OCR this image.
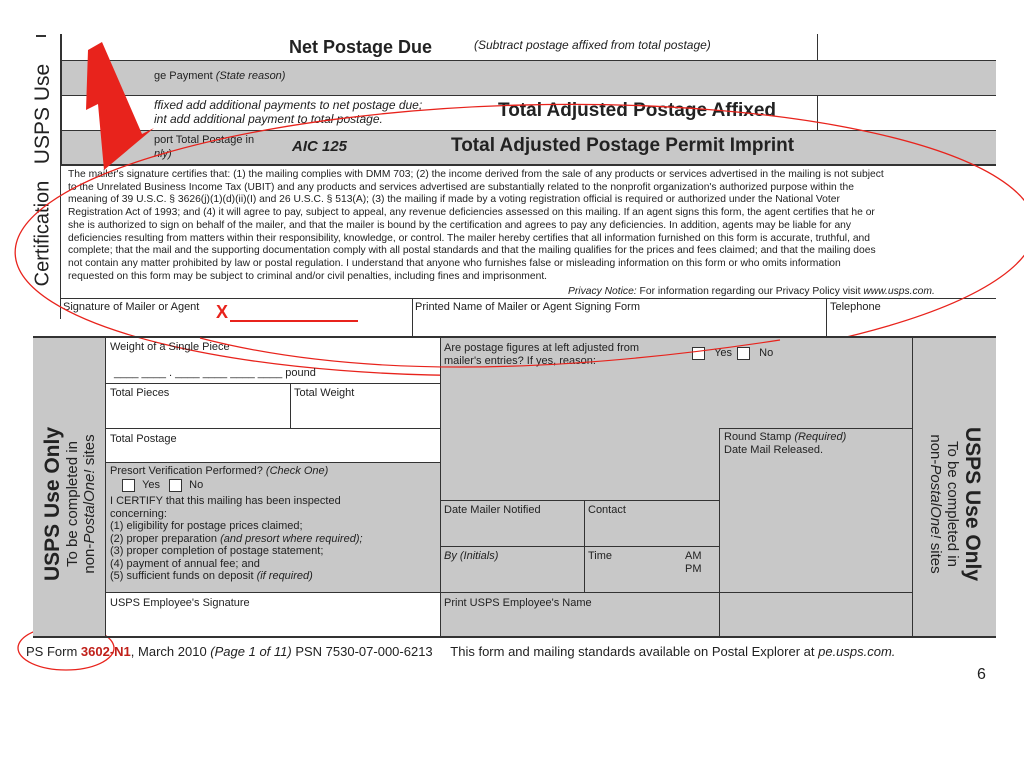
USPS Use
Net Postage Due	(Subtract postage affixed from total postage)
ge Payment (State reason)
ffixed add additional payments to net postage due;
int add additional payment to total postage.	Total Adjusted Postage Affixed
port Total Postage in
nly)	AIC 125	Total Adjusted Postage Permit Imprint
Certification
The mailer's signature certifies that: (1) the mailing complies with DMM 703; (2) the income derived from the sale of any products or services advertised in the mailing is not subject
to the Unrelated Business Income Tax (UBIT) and any products and services advertised are substantially related to the nonprofit organization's authorized purpose within the
meaning of 39 U.S.C. § 3626(j)(1)(d)(ii)(I) and 26 U.S.C. § 513(A); (3) the mailing if made by a voting registration official is required or authorized under the National Voter
Registration Act of 1993; and (4) it will agree to pay, subject to appeal, any revenue deficiencies assessed on this mailing. If an agent signs this form, the agent certifies that he or
she is authorized to sign on behalf of the mailer, and that the mailer is bound by the certification and agrees to pay any deficiencies. In addition, agents may be liable for any
deficiencies resulting from matters within their responsibility, knowledge, or control. The mailer hereby certifies that all information furnished on this form is accurate, truthful, and
complete; that the mail and the supporting documentation comply with all postal standards and that the mailing qualifies for the prices and fees claimed; and that the mailing does
not contain any matter prohibited by law or postal regulation. I understand that anyone who furnishes false or misleading information on this form or who omits information
requested on this form may be subject to criminal and/or civil penalties, including fines and imprisonment.
Privacy Notice: For information regarding our Privacy Policy visit www.usps.com.
Signature of Mailer or Agent X	Printed Name of Mailer or Agent Signing Form	Telephone
USPS Use Only To be completed in non-PostalOne! sites	USPS Use Only
To be completed in
non-PostalOne! sites
Weight of a Single Piece
____ ____ . ____ ____ ____ ____ pound
Are postage figures at left adjusted from
mailer's entries? If yes, reason:
Yes No
Total Pieces	Total Weight
Total Postage	Round Stamp (Required)
Date Mail Released.
Presort Verification Performed? (Check One)
Yes	No
I CERTIFY that this mailing has been inspected
concerning:
(1) eligibility for postage prices claimed;
(2) proper preparation (and presort where required);
(3) proper completion of postage statement;
(4) payment of annual fee; and
(5) sufficient funds on deposit (if required)
Date Mailer Notified	Contact
By (Initials)	Time	AM
PM
USPS Employee's Signature	Print USPS Employee's Name
PS Form 3602-N1, March 2010 (Page 1 of 11) PSN 7530-07-000-6213 This form and mailing standards available on Postal Explorer at pe.usps.com.
6
